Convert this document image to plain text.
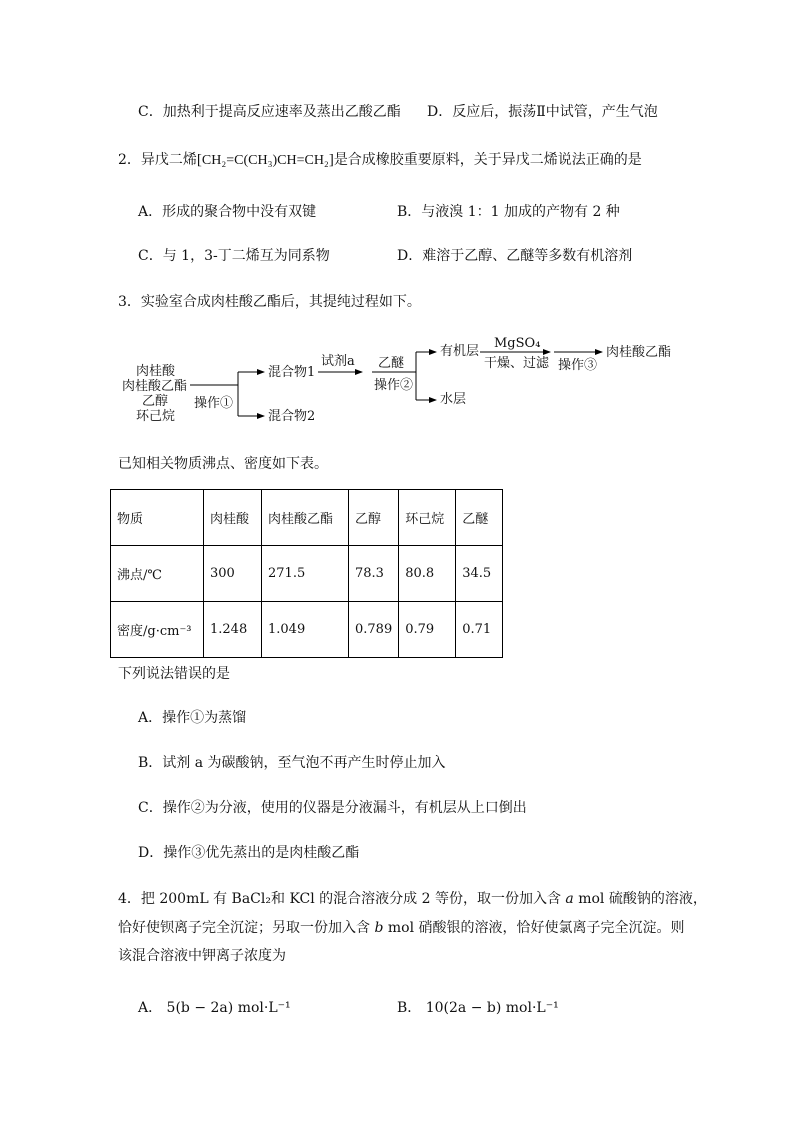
C．加热利于提高反应速率及蒸出乙酸乙酯 D．反应后，振荡Ⅱ中试管，产生气泡
2．异戊二烯[CH₂=C(CH₃)CH=CH₂]是合成橡胶重要原料，关于异戊二烯说法正确的是
A．形成的聚合物中没有双键	B．与液溴 1：1 加成的产物有 2 种
C．与 1，3-丁二烯互为同系物	D．难溶于乙醇、乙醚等多数有机溶剂
3．实验室合成肉桂酸乙酯后，其提纯过程如下。
肉桂酸
肉桂酸乙酯
乙醇
环己烷
操作①
混合物1
混合物2
试剂a 乙醚
操作②
有机层
水层
MgSO₄
干燥、过滤 操作③
肉桂酸乙酯
已知相关物质沸点、密度如下表。
物质	肉桂酸	肉桂酸乙酯	乙醇	环己烷	乙醚
沸点/℃	300	271.5	78.3	80.8	34.5
密度/g·cm⁻³	1.248	1.049	0.789	0.79	0.71
下列说法错误的是
A．操作①为蒸馏
B．试剂 a 为碳酸钠，至气泡不再产生时停止加入
C．操作②为分液，使用的仪器是分液漏斗，有机层从上口倒出
D．操作③优先蒸出的是肉桂酸乙酯
4．把 200mL 有 BaCl₂和 KCl 的混合溶液分成 2 等份，取一份加入含 a mol 硫酸钠的溶液，
恰好使钡离子完全沉淀；另取一份加入含 b mol 硝酸银的溶液，恰好使氯离子完全沉淀。则
该混合溶液中钾离子浓度为
A． 5(b − 2a) mol·L⁻¹	B． 10(2a − b) mol·L⁻¹
